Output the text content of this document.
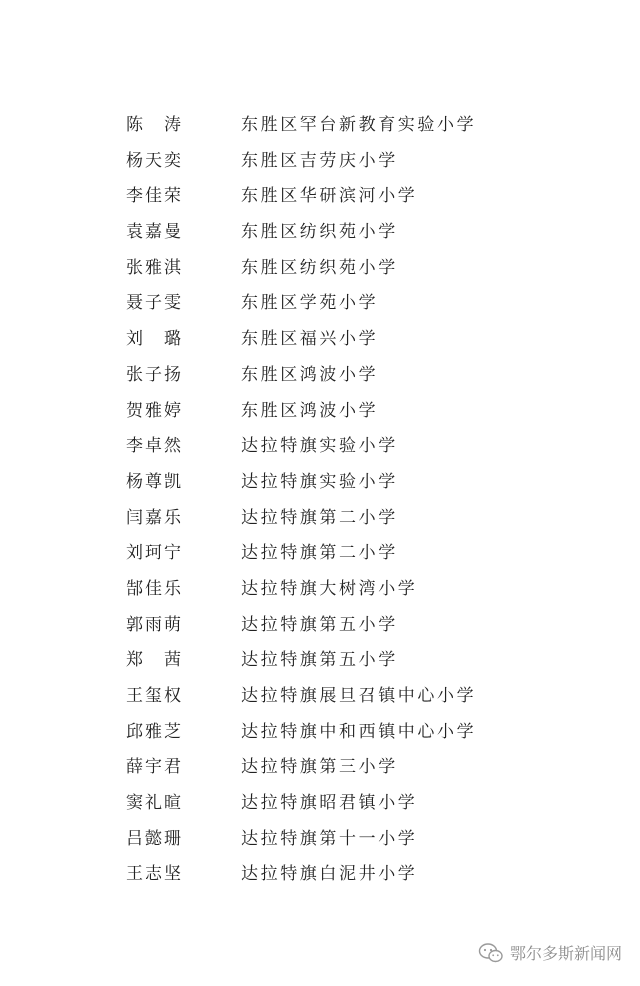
陈　涛	东胜区罕台新教育实验小学
杨天奕	东胜区吉劳庆小学
李佳荣	东胜区华研滨河小学
袁嘉曼	东胜区纺织苑小学
张雅淇	东胜区纺织苑小学
聂子雯	东胜区学苑小学
刘　璐	东胜区福兴小学
张子扬	东胜区鸿波小学
贺雅婷	东胜区鸿波小学
李卓然	达拉特旗实验小学
杨尊凯	达拉特旗实验小学
闫嘉乐	达拉特旗第二小学
刘珂宁	达拉特旗第二小学
郜佳乐	达拉特旗大树湾小学
郭雨萌	达拉特旗第五小学
郑　茜	达拉特旗第五小学
王玺权	达拉特旗展旦召镇中心小学
邱雅芝	达拉特旗中和西镇中心小学
薛宇君	达拉特旗第三小学
窦礼暄	达拉特旗昭君镇小学
吕懿珊	达拉特旗第十一小学
王志坚	达拉特旗白泥井小学
鄂尔多斯新闻网
